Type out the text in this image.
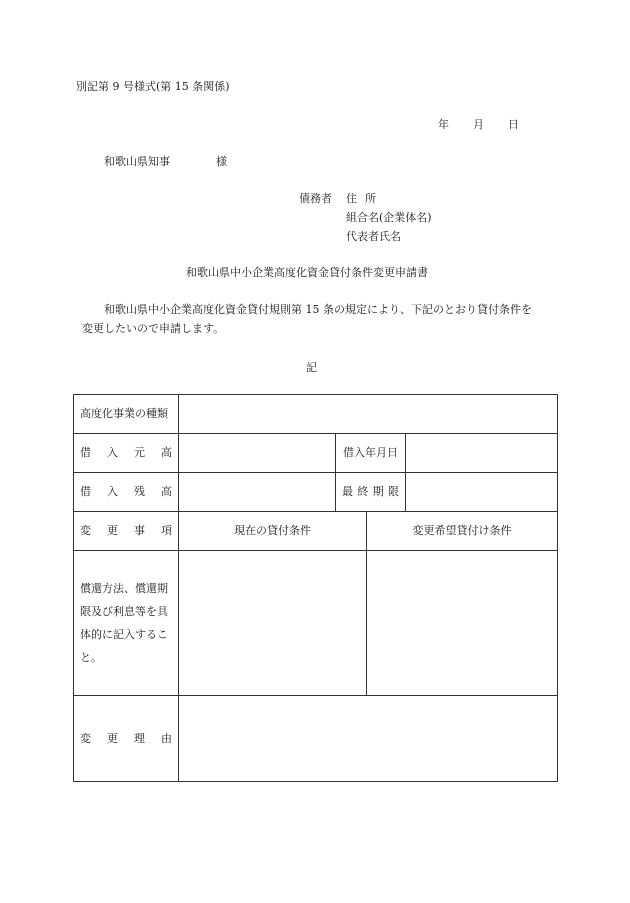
別記第 9 号様式(第 15 条関係)
年 月 日
和歌山県知事	様
債務者 住 所
組合名(企業体名)
代表者氏名
和歌山県中小企業高度化資金貸付条件変更申請書
和歌山県中小企業高度化資金貸付規則第 15 条の規定により、下記のとおり貸付条件を
変更したいので申請します。
記
高度化事業の種類				

借 入 元 高		借入年月日		

借 入 残 高		最 終 期 限		

変 更 事 項	現在の貸付条件		変更希望貸付け条件	

償還方法、償還期限及び利息等を具体的に記入すること。				

変 更 理 由				
